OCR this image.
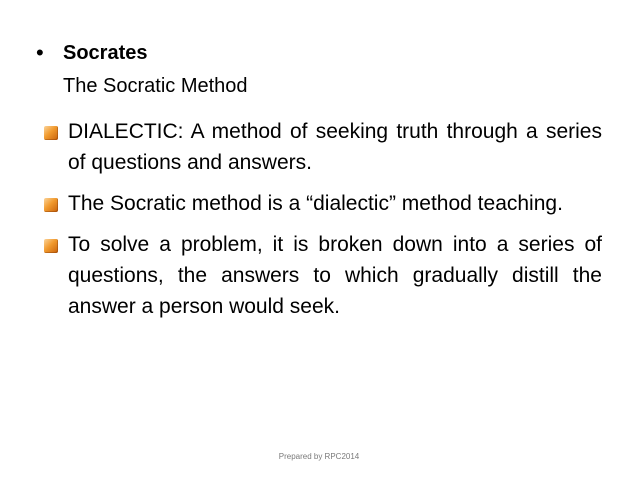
• Socrates
The Socratic Method
DIALECTIC: A method of seeking truth through a series of questions and answers.
The Socratic method is a “dialectic” method teaching.
To solve a problem, it is broken down into a series of questions, the answers to which gradually distill the answer a person would seek.
Prepared by RPC2014
